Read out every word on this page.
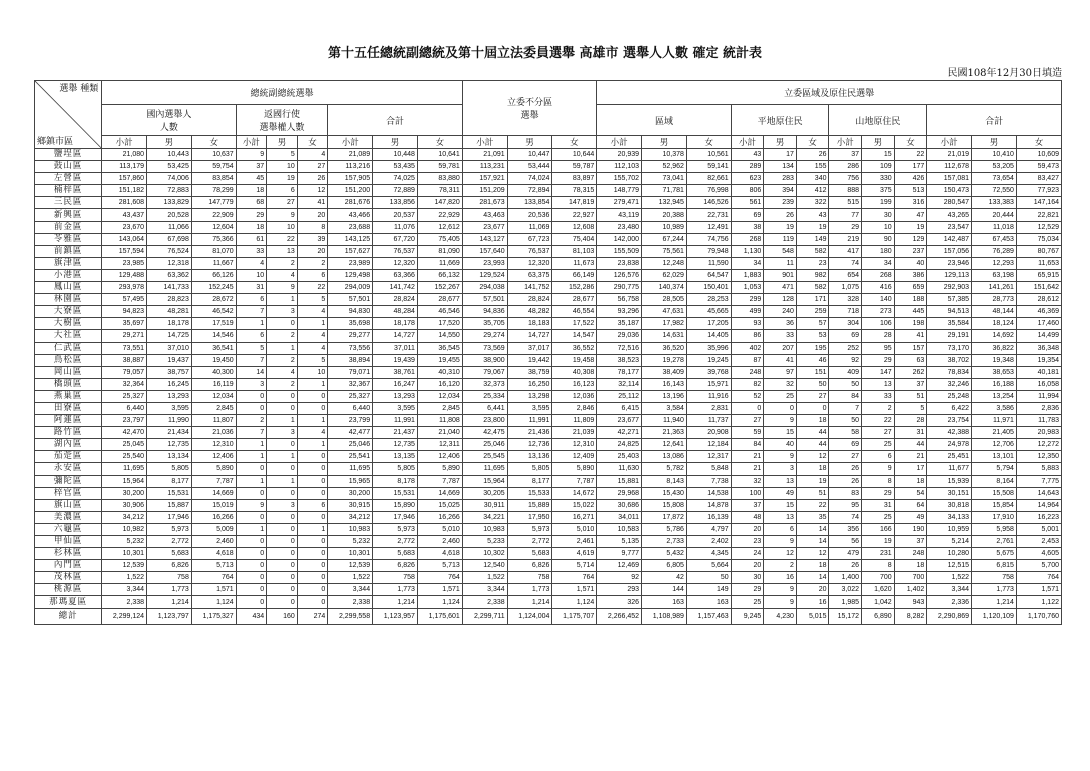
第十五任總統副總統及第十屆立法委員選舉 高雄市 選舉人人數 確定 統計表
民國108年12月30日填造
選舉 種類
鄉鎮市區	總統副總統選舉									立委不分區
選舉			立委區域及原住民選舉											
	國內選舉人
人數			返國行使
選舉權人數			合計						區域			平地原住民			山地原住民			合計		
	小計	男	女	小計	男	女	小計	男	女	小計	男	女	小計	男	女	小計	男	女	小計	男	女	小計	男	女
鹽埕區	21,080	10,443	10,637	9	5	4	21,089	10,448	10,641	21,091	10,447	10,644	20,939	10,378	10,561	43	17	26	37	15	22	21,019	10,410	10,609
鼓山區	113,179	53,425	59,754	37	10	27	113,216	53,435	59,781	113,231	53,444	59,787	112,103	52,962	59,141	289	134	155	286	109	177	112,678	53,205	59,473
左營區	157,860	74,006	83,854	45	19	26	157,905	74,025	83,880	157,921	74,024	83,897	155,702	73,041	82,661	623	283	340	756	330	426	157,081	73,654	83,427
楠梓區	151,182	72,883	78,299	18	6	12	151,200	72,889	78,311	151,209	72,894	78,315	148,779	71,781	76,998	806	394	412	888	375	513	150,473	72,550	77,923
三民區	281,608	133,829	147,779	68	27	41	281,676	133,856	147,820	281,673	133,854	147,819	279,471	132,945	146,526	561	239	322	515	199	316	280,547	133,383	147,164
新興區	43,437	20,528	22,909	29	9	20	43,466	20,537	22,929	43,463	20,536	22,927	43,119	20,388	22,731	69	26	43	77	30	47	43,265	20,444	22,821
前金區	23,670	11,066	12,604	18	10	8	23,688	11,076	12,612	23,677	11,069	12,608	23,480	10,989	12,491	38	19	19	29	10	19	23,547	11,018	12,529
苓雅區	143,064	67,698	75,366	61	22	39	143,125	67,720	75,405	143,127	67,723	75,404	142,000	67,244	74,756	268	119	149	219	90	129	142,487	67,453	75,034
前鎮區	157,594	76,524	81,070	33	13	20	157,627	76,537	81,090	157,640	76,537	81,103	155,509	75,561	79,948	1,130	548	582	417	180	237	157,056	76,289	80,767
旗津區	23,985	12,318	11,667	4	2	2	23,989	12,320	11,669	23,993	12,320	11,673	23,838	12,248	11,590	34	11	23	74	34	40	23,946	12,293	11,653
小港區	129,488	63,362	66,126	10	4	6	129,498	63,366	66,132	129,524	63,375	66,149	126,576	62,029	64,547	1,883	901	982	654	268	386	129,113	63,198	65,915
鳳山區	293,978	141,733	152,245	31	9	22	294,009	141,742	152,267	294,038	141,752	152,286	290,775	140,374	150,401	1,053	471	582	1,075	416	659	292,903	141,261	151,642
林園區	57,495	28,823	28,672	6	1	5	57,501	28,824	28,677	57,501	28,824	28,677	56,758	28,505	28,253	299	128	171	328	140	188	57,385	28,773	28,612
大寮區	94,823	48,281	46,542	7	3	4	94,830	48,284	46,546	94,836	48,282	46,554	93,296	47,631	45,665	499	240	259	718	273	445	94,513	48,144	46,369
大樹區	35,697	18,178	17,519	1	0	1	35,698	18,178	17,520	35,705	18,183	17,522	35,187	17,982	17,205	93	36	57	304	106	198	35,584	18,124	17,460
大社區	29,271	14,725	14,546	6	2	4	29,277	14,727	14,550	29,274	14,727	14,547	29,036	14,631	14,405	86	33	53	69	28	41	29,191	14,692	14,499
仁武區	73,551	37,010	36,541	5	1	4	73,556	37,011	36,545	73,569	37,017	36,552	72,516	36,520	35,996	402	207	195	252	95	157	73,170	36,822	36,348
鳥松區	38,887	19,437	19,450	7	2	5	38,894	19,439	19,455	38,900	19,442	19,458	38,523	19,278	19,245	87	41	46	92	29	63	38,702	19,348	19,354
岡山區	79,057	38,757	40,300	14	4	10	79,071	38,761	40,310	79,067	38,759	40,308	78,177	38,409	39,768	248	97	151	409	147	262	78,834	38,653	40,181
橋頭區	32,364	16,245	16,119	3	2	1	32,367	16,247	16,120	32,373	16,250	16,123	32,114	16,143	15,971	82	32	50	50	13	37	32,246	16,188	16,058
燕巢區	25,327	13,293	12,034	0	0	0	25,327	13,293	12,034	25,334	13,298	12,036	25,112	13,196	11,916	52	25	27	84	33	51	25,248	13,254	11,994
田寮區	6,440	3,595	2,845	0	0	0	6,440	3,595	2,845	6,441	3,595	2,846	6,415	3,584	2,831	0	0	0	7	2	5	6,422	3,586	2,836
阿蓮區	23,797	11,990	11,807	2	1	1	23,799	11,991	11,808	23,800	11,991	11,809	23,677	11,940	11,737	27	9	18	50	22	28	23,754	11,971	11,783
路竹區	42,470	21,434	21,036	7	3	4	42,477	21,437	21,040	42,475	21,436	21,039	42,271	21,363	20,908	59	15	44	58	27	31	42,388	21,405	20,983
湖內區	25,045	12,735	12,310	1	0	1	25,046	12,735	12,311	25,046	12,736	12,310	24,825	12,641	12,184	84	40	44	69	25	44	24,978	12,706	12,272
茄萣區	25,540	13,134	12,406	1	1	0	25,541	13,135	12,406	25,545	13,136	12,409	25,403	13,086	12,317	21	9	12	27	6	21	25,451	13,101	12,350
永安區	11,695	5,805	5,890	0	0	0	11,695	5,805	5,890	11,695	5,805	5,890	11,630	5,782	5,848	21	3	18	26	9	17	11,677	5,794	5,883
彌陀區	15,964	8,177	7,787	1	1	0	15,965	8,178	7,787	15,964	8,177	7,787	15,881	8,143	7,738	32	13	19	26	8	18	15,939	8,164	7,775
梓官區	30,200	15,531	14,669	0	0	0	30,200	15,531	14,669	30,205	15,533	14,672	29,968	15,430	14,538	100	49	51	83	29	54	30,151	15,508	14,643
旗山區	30,906	15,887	15,019	9	3	6	30,915	15,890	15,025	30,911	15,889	15,022	30,686	15,808	14,878	37	15	22	95	31	64	30,818	15,854	14,964
美濃區	34,212	17,946	16,266	0	0	0	34,212	17,946	16,266	34,221	17,950	16,271	34,011	17,872	16,139	48	13	35	74	25	49	34,133	17,910	16,223
六龜區	10,982	5,973	5,009	1	0	1	10,983	5,973	5,010	10,983	5,973	5,010	10,583	5,786	4,797	20	6	14	356	166	190	10,959	5,958	5,001
甲仙區	5,232	2,772	2,460	0	0	0	5,232	2,772	2,460	5,233	2,772	2,461	5,135	2,733	2,402	23	9	14	56	19	37	5,214	2,761	2,453
杉林區	10,301	5,683	4,618	0	0	0	10,301	5,683	4,618	10,302	5,683	4,619	9,777	5,432	4,345	24	12	12	479	231	248	10,280	5,675	4,605
內門區	12,539	6,826	5,713	0	0	0	12,539	6,826	5,713	12,540	6,826	5,714	12,469	6,805	5,664	20	2	18	26	8	18	12,515	6,815	5,700
茂林區	1,522	758	764	0	0	0	1,522	758	764	1,522	758	764	92	42	50	30	16	14	1,400	700	700	1,522	758	764
桃源區	3,344	1,773	1,571	0	0	0	3,344	1,773	1,571	3,344	1,773	1,571	293	144	149	29	9	20	3,022	1,620	1,402	3,344	1,773	1,571
那瑪夏區	2,338	1,214	1,124	0	0	0	2,338	1,214	1,124	2,338	1,214	1,124	326	163	163	25	9	16	1,985	1,042	943	2,336	1,214	1,122
總計	2,299,124	1,123,797	1,175,327	434	160	274	2,299,558	1,123,957	1,175,601	2,299,711	1,124,004	1,175,707	2,266,452	1,108,989	1,157,463	9,245	4,230	5,015	15,172	6,890	8,282	2,290,869	1,120,109	1,170,760
